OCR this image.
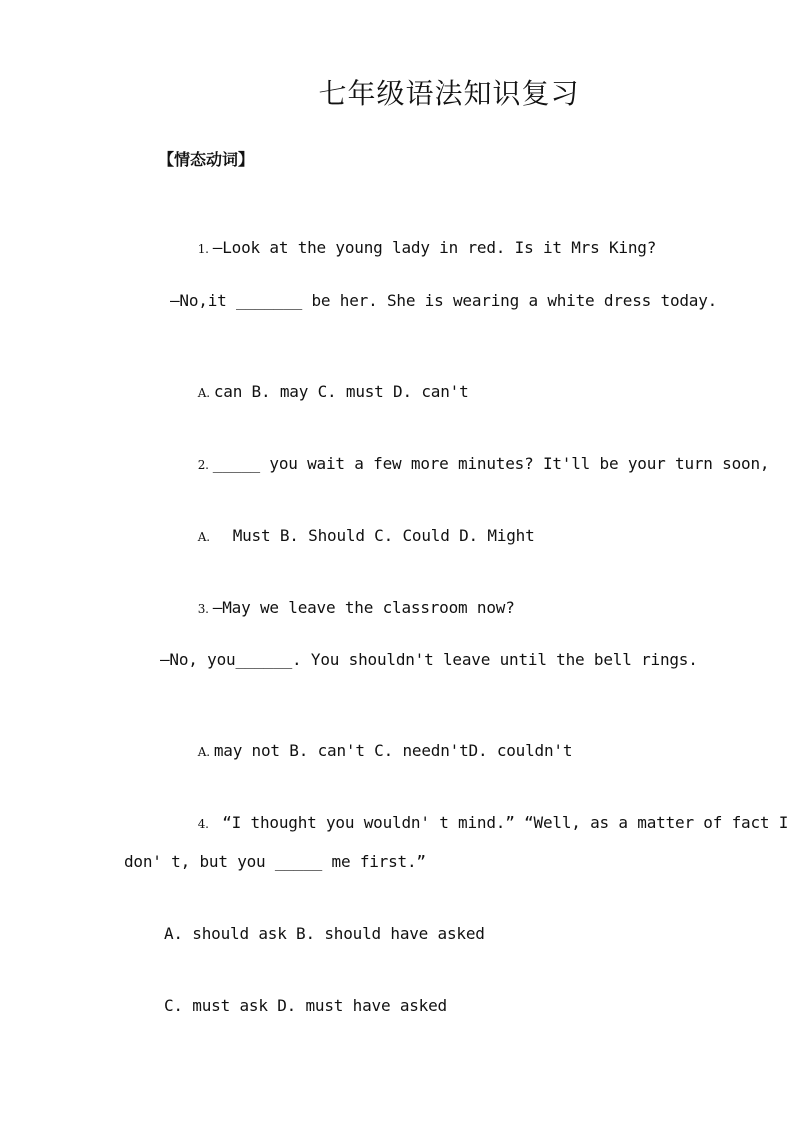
七年级语法知识复习
【情态动词】

1. —Look at the young lady in red. Is it Mrs King?

—No,it _______ be her. She is wearing a white dress today.

A. can B. may C. must D. can't

2. _____ you wait a few more minutes? It'll be your turn soon,

A.  Must B. Should C. Could D. Might

3. —May we leave the classroom now?

—No, you______. You shouldn't leave until the bell rings.

A. may not B. can't C. needn'tD. couldn't

4. “I thought you wouldn' t mind.” “Well, as a matter of fact I

don' t, but you _____ me first.”
A. should ask B. should have asked
C. must ask D. must have asked
